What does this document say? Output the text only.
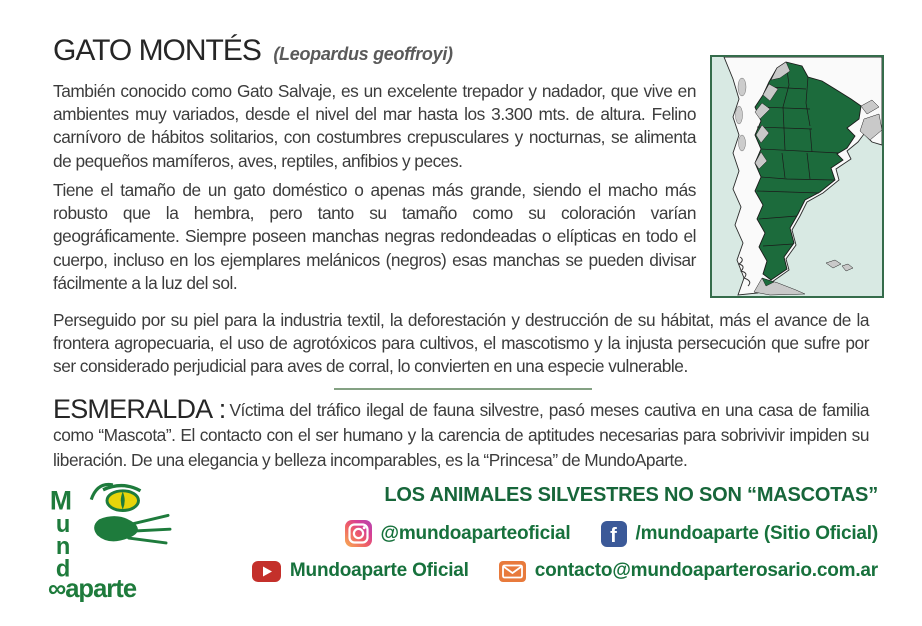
GATO MONTÉS (Leopardus geoffroyi)

También conocido como Gato Salvaje, es un excelente trepador y nadador, que vive en ambientes muy variados, desde el nivel del mar hasta los 3.300 mts. de altura. Felino carnívoro de hábitos solitarios, con costumbres crepusculares y nocturnas, se alimenta de pequeños mamíferos, aves, reptiles, anfibios y peces.

Tiene el tamaño de un gato doméstico o apenas más grande, siendo el macho más robusto que la hembra, pero tanto su tamaño como su coloración varían geográficamente. Siempre poseen manchas negras redondeadas o elípticas en todo el cuerpo, incluso en los ejemplares melánicos (negros) esas manchas se pueden divisar fácilmente a la luz del sol.

Perseguido por su piel para la industria textil, la deforestación y destrucción de su hábitat, más el avance de la frontera agropecuaria, el uso de agrotóxicos para cultivos, el mascotismo y la injusta persecución que sufre por ser considerado perjudicial para aves de corral, lo convierten en una especie vulnerable.

ESMERALDA : Víctima del tráfico ilegal de fauna silvestre, pasó meses cautiva en una casa de familia como “Mascota”. El contacto con el ser humano y la carencia de aptitudes necesarias para sobrivivir impiden su liberación. De una elegancia y belleza incomparables, es la “Princesa” de MundoAparte.

M
u
n
d
∞aparte
LOS ANIMALES SILVESTRES NO SON “MASCOTAS”
@mundoaparteoficial f /mundoaparte (Sitio Oficial)
Mundoaparte Oficial	contacto@mundoaparterosario.com.ar
